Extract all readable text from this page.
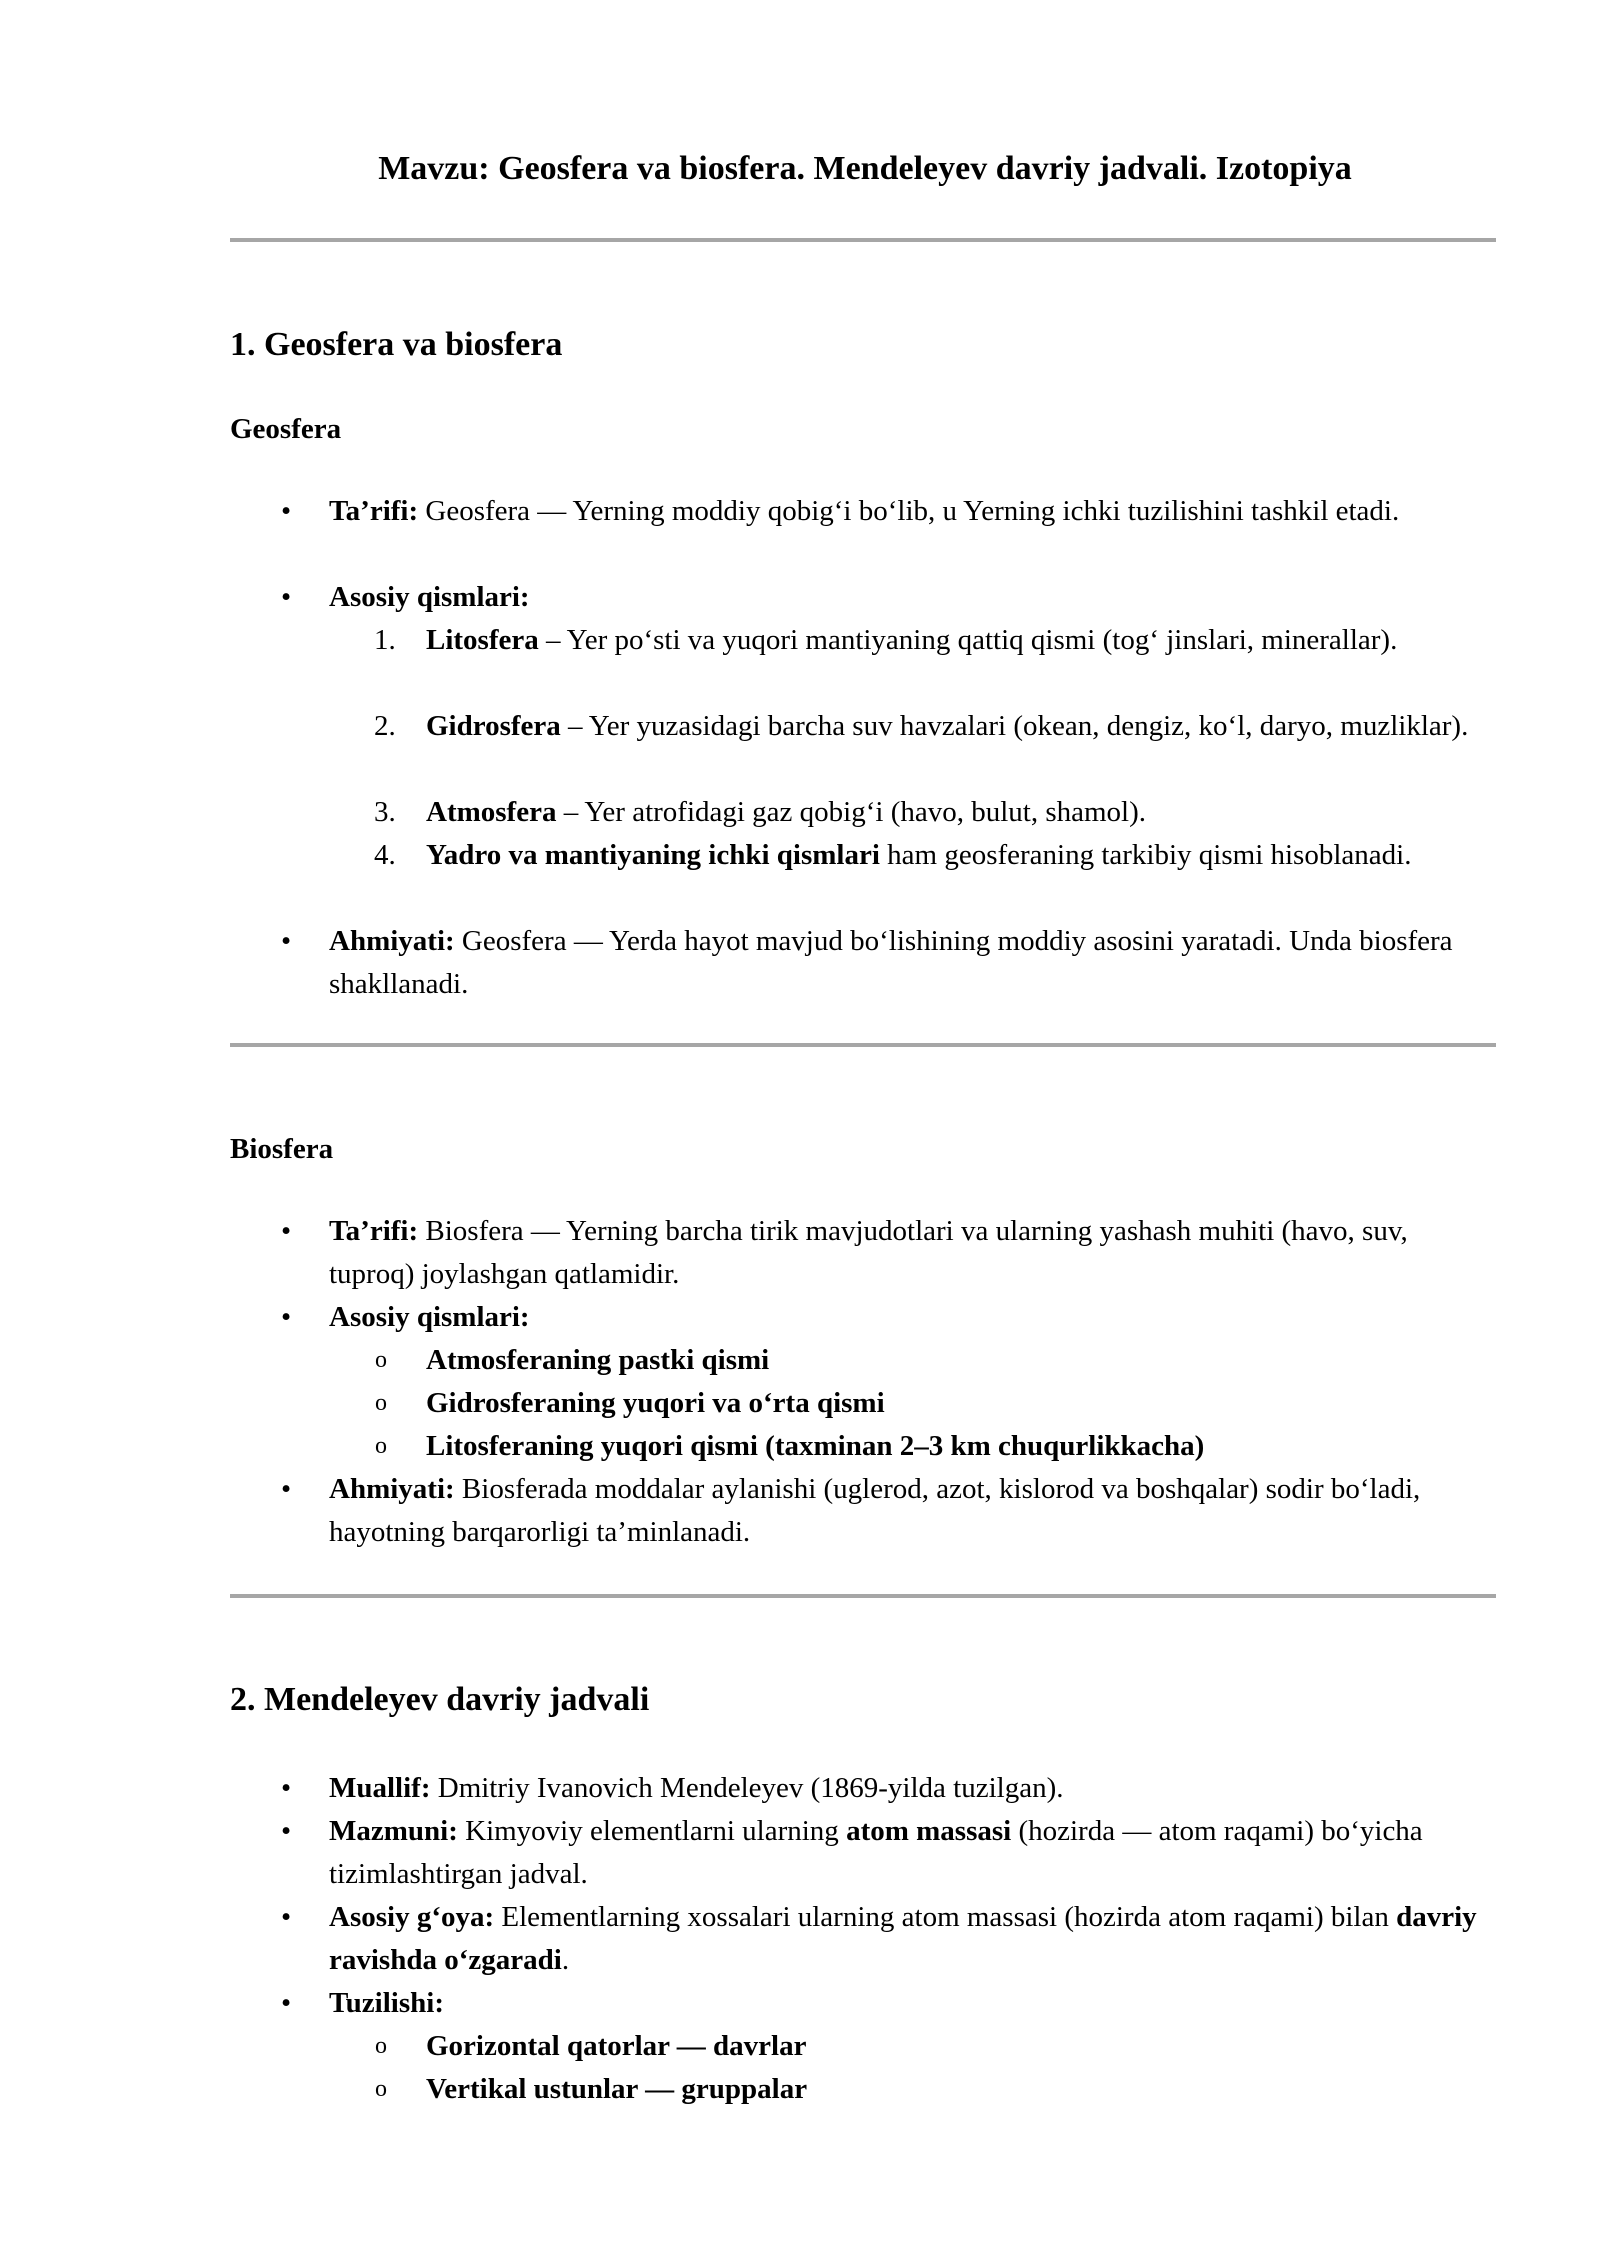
Mavzu: Geosfera va biosfera. Mendeleyev davriy jadvali. Izotopiya
1. Geosfera va biosfera
Geosfera
• Ta’rifi: Geosfera — Yerning moddiy qobig‘i bo‘lib, u Yerning ichki tuzilishini tashkil etadi.
• Asosiy qismlari:
1. Litosfera – Yer po‘sti va yuqori mantiyaning qattiq qismi (tog‘ jinslari, minerallar).
2. Gidrosfera – Yer yuzasidagi barcha suv havzalari (okean, dengiz, ko‘l, daryo, muzliklar).
3. Atmosfera – Yer atrofidagi gaz qobig‘i (havo, bulut, shamol).
4. Yadro va mantiyaning ichki qismlari ham geosferaning tarkibiy qismi hisoblanadi.
• Ahmiyati: Geosfera — Yerda hayot mavjud bo‘lishining moddiy asosini yaratadi. Unda biosfera shakllanadi.
Biosfera
• Ta’rifi: Biosfera — Yerning barcha tirik mavjudotlari va ularning yashash muhiti (havo, suv, tuproq) joylashgan qatlamidir.
• Asosiy qismlari:
o Atmosferaning pastki qismi
o Gidrosferaning yuqori va o‘rta qismi
o Litosferaning yuqori qismi (taxminan 2–3 km chuqurlikkacha)
• Ahmiyati: Biosferada moddalar aylanishi (uglerod, azot, kislorod va boshqalar) sodir bo‘ladi, hayotning barqarorligi ta’minlanadi.
2. Mendeleyev davriy jadvali
• Muallif: Dmitriy Ivanovich Mendeleyev (1869-yilda tuzilgan).
• Mazmuni: Kimyoviy elementlarni ularning atom massasi (hozirda — atom raqami) bo‘yicha tizimlashtirgan jadval.
• Asosiy g‘oya: Elementlarning xossalari ularning atom massasi (hozirda atom raqami) bilan davriy ravishda o‘zgaradi.
• Tuzilishi:
o Gorizontal qatorlar — davrlar
o Vertikal ustunlar — gruppalar
